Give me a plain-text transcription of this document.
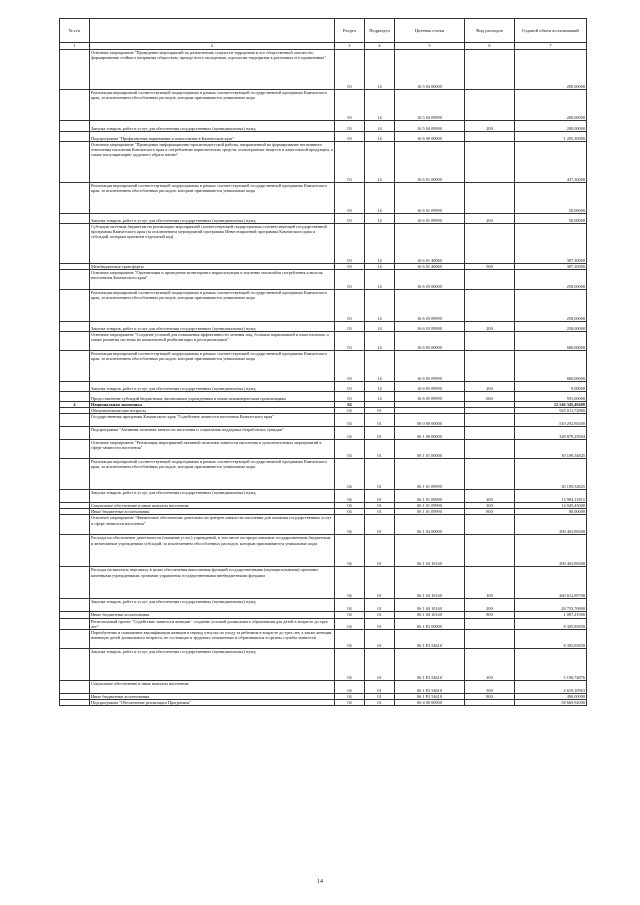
№ п/п		Раздел	Подраздел	Целевая статья	Вид расходов	Годовой объем ассигнований
1	2	3	4	5	6	7
	Основное мероприятие "Проведение мероприятий по разъяснению сущности терроризма и его общественной опасности, формированию стойкого неприятия обществом, прежде всего молодежью, идеологии терроризма в различных его проявлениях"	03	14	16 5 04 00000		200,00000
	Реализация мероприятий соответствующей подпрограммы в рамках соответствующей государственной программы Камчатского края, за исключением обособленных расходов, которым присваиваются уникальные коды	03	14	16 5 04 09990		200,00000
	Закупка товаров, работ и услуг для обеспечения государственных (муниципальных) нужд	03	14	16 5 04 09990	200	200,00000
	Подпрограмма "Профилактика наркомании и алкоголизма в Камчатском крае"	03	14	16 6 00 00000		1 295,30000
	Основное мероприятие "Проведение информационно-пропагандистской работы, направленной на формирование негативного отношения населения Камчатского края к потреблению наркотических средств, психотропных веществ и алкогольной продукции, а также популяризацию здорового образа жизни"	03	14	16 6 01 00000		437,30000
	Реализация мероприятий соответствующей подпрограммы в рамках соответствующей государственной программы Камчатского края, за исключением обособленных расходов, которым присваиваются уникальные коды	03	14	16 6 01 09990		50,00000
	Закупка товаров, работ и услуг для обеспечения государственных (муниципальных) нужд	03	14	16 6 01 09990	200	50,00000
	Субсидии местным бюджетам на реализацию мероприятий соответствующей подпрограммы соответствующей государственной программы Камчатского края (за исключением мероприятий программы Инвестиционной программы Камчатского края и субсидий, которым присвоен отдельный код)	03	14	16 6 01 40060		387,30000
	Межбюджетные трансферты	03	14	16 6 01 40060	500	387,30000
	Основное мероприятие "Организация и проведение мониторинга наркоситуации и изучение масштабов потребления алкоголя населением Камчатского края"	03	14	16 6 03 00000		258,00000
	Реализация мероприятий соответствующей подпрограммы в рамках соответствующей государственной программы Камчатского края, за исключением обособленных расходов, которым присваиваются уникальные коды	03	14	16 6 03 09990		258,00000
	Закупка товаров, работ и услуг для обеспечения государственных (муниципальных) нужд	03	14	16 6 03 09990	200	258,00000
	Основное мероприятие "Создание условий для повышения эффективности лечения лиц, больных наркоманией и алкоголизмом, а также развития системы их комплексной реабилитации и ресоциализации"	03	14	16 6 05 00000		600,00000
	Реализация мероприятий соответствующей подпрограммы в рамках соответствующей государственной программы Камчатского края, за исключением обособленных расходов, которым присваиваются уникальные коды	03	14	16 6 05 09990		600,00000
	Закупка товаров, работ и услуг для обеспечения государственных (муниципальных) нужд	03	14	16 6 05 09990	200	9,00000
	Предоставление субсидий бюджетным, автономным учреждениям и иным некоммерческим организациям	03	14	16 6 05 09990	600	591,00000
4	Национальная экономика	04				12 546 345,49488
	Общеэкономические вопросы	04	01			925 011,72860
	Государственная программа Камчатского края "Содействие занятости населения Камчатского края"	04	01	06 0 00 00000		510 292,94300
	Подпрограмма "Активная политика занятости населения и социальная поддержка безработных граждан"	04	01	06 1 00 00000		328 879,25004
	Основное мероприятие "Реализация мероприятий активной политики занятости населения и дополнительных мероприятий в сфере занятости населения"	04	01	06 1 01 00000		30 109,54825
	Реализация мероприятий соответствующей подпрограммы в рамках соответствующей государственной программы Камчатского края, за исключением обособленных расходов, которым присваиваются уникальные коды	04	01	06 1 01 09990		30 109,54825
	Закупка товаров, работ и услуг для обеспечения государственных (муниципальных) нужд	04	01	06 1 01 09990	200	15 984,11815
	Социальное обеспечение и иные выплаты населению	04	01	06 1 01 09990	300	14 045,43000
	Иные бюджетные ассигнования	04	01	06 1 01 09990	800	80,00000
	Основное мероприятие "Финансовое обеспечение деятельности центров занятости населения для оказания государственных услуг в сфере занятости населения"	04	01	06 1 04 00000		290 463,88400
	Расходы на обеспечение деятельности (оказание услуг) учреждений, в том числе на предоставление государственным бюджетным и автономным учреждениям субсидий, за исключением обособленных расходов, которым присваиваются уникальные коды	04	01	06 1 04 10140		290 463,88400
	Расходы на выплаты персоналу в целях обеспечения выполнения функций государственными (муниципальными) органами, казенными учреждениями, органами управления государственными внебюджетными фондами	04	01	06 1 04 10140	100	260 612,89700
	Закупка товаров, работ и услуг для обеспечения государственных (муниципальных) нужд	04	01	06 1 04 10140	200	28 753,76800
	Иные бюджетные ассигнования	04	01	06 1 04 10140	800	1 097,21900
	Региональный проект "Содействие занятости женщин - создание условий дошкольного образования для детей в возрасте до трех лет"	04	01	06 1 P2 00000		8 305,85839
	Переобучение и повышение квалификации женщин в период отпуска по уходу за ребенком в возрасте до трех лет, а также женщин, имеющих детей дошкольного возраста, не состоящих в трудовых отношениях и обратившихся в органы службы занятости	04	01	06 1 P2 54610		8 305,85839
	Закупка товаров, работ и услуг для обеспечения государственных (муниципальных) нужд	04	01	06 1 P2 54610	200	5 196,74876
	Социальное обеспечение и иные выплаты населению	04	01	06 1 P2 54610	300	2 619,10963
	Иные бюджетные ассигнования	04	01	06 1 P2 54610	800	490,00000
	Подпрограмма "Обеспечение реализации Программы"	04	01	06 4 00 00000		58 669,92000
14
